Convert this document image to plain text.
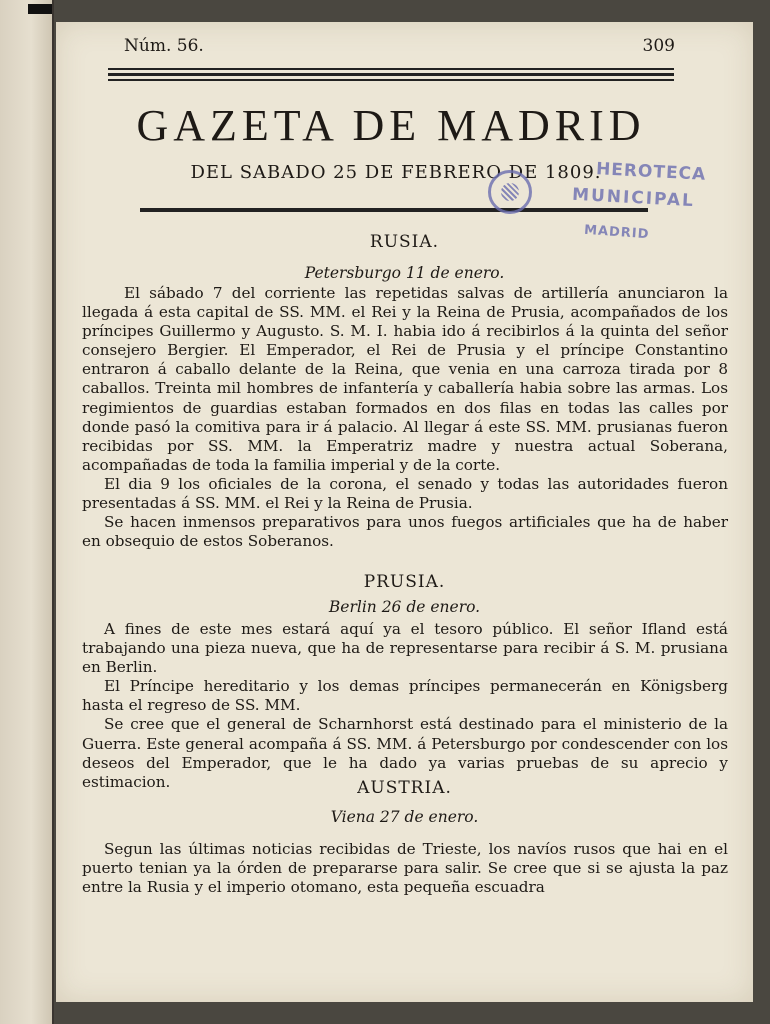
Núm. 56.	309
GAZETA DE MADRID
DEL SABADO 25 DE FEBRERO DE 1809.
HEROTECA
MUNICIPAL
MADRID
RUSIA.
Petersburgo 11 de enero.

El sábado 7 del corriente las repetidas salvas de artillería anunciaron la llegada á esta capital de SS. MM. el Rei y la Reina de Prusia, acompañados de los príncipes Guillermo y Augusto. S. M. I. habia ido á recibirlos á la quinta del señor consejero Bergier. El Emperador, el Rei de Prusia y el príncipe Constantino entraron á caballo delante de la Reina, que venia en una carroza tirada por 8 caballos. Treinta mil hombres de infantería y caballería habia sobre las armas. Los regimientos de guardias estaban formados en dos filas en todas las calles por donde pasó la comitiva para ir á palacio. Al llegar á este SS. MM. prusianas fueron recibidas por SS. MM. la Emperatriz madre y nuestra actual Soberana, acompañadas de toda la familia imperial y de la corte.

El dia 9 los oficiales de la corona, el senado y todas las autoridades fueron presentadas á SS. MM. el Rei y la Reina de Prusia.

Se hacen inmensos preparativos para unos fuegos artificiales que ha de haber en obsequio de estos Soberanos.

PRUSIA.
Berlin 26 de enero.

A fines de este mes estará aquí ya el tesoro público. El señor Ifland está trabajando una pieza nueva, que ha de representarse para recibir á S. M. prusiana en Berlin.

El Príncipe hereditario y los demas príncipes permanecerán en Königsberg hasta el regreso de SS. MM.

Se cree que el general de Scharnhorst está destinado para el ministerio de la Guerra. Este general acompaña á SS. MM. á Petersburgo por condescender con los deseos del Emperador, que le ha dado ya varias pruebas de su aprecio y estimacion.	AUSTRIA.
Viena 27 de enero.

Segun las últimas noticias recibidas de Trieste, los navíos rusos que hai en el puerto tenian ya la órden de prepararse para salir. Se cree que si se ajusta la paz entre la Rusia y el imperio otomano, esta pequeña escuadra
